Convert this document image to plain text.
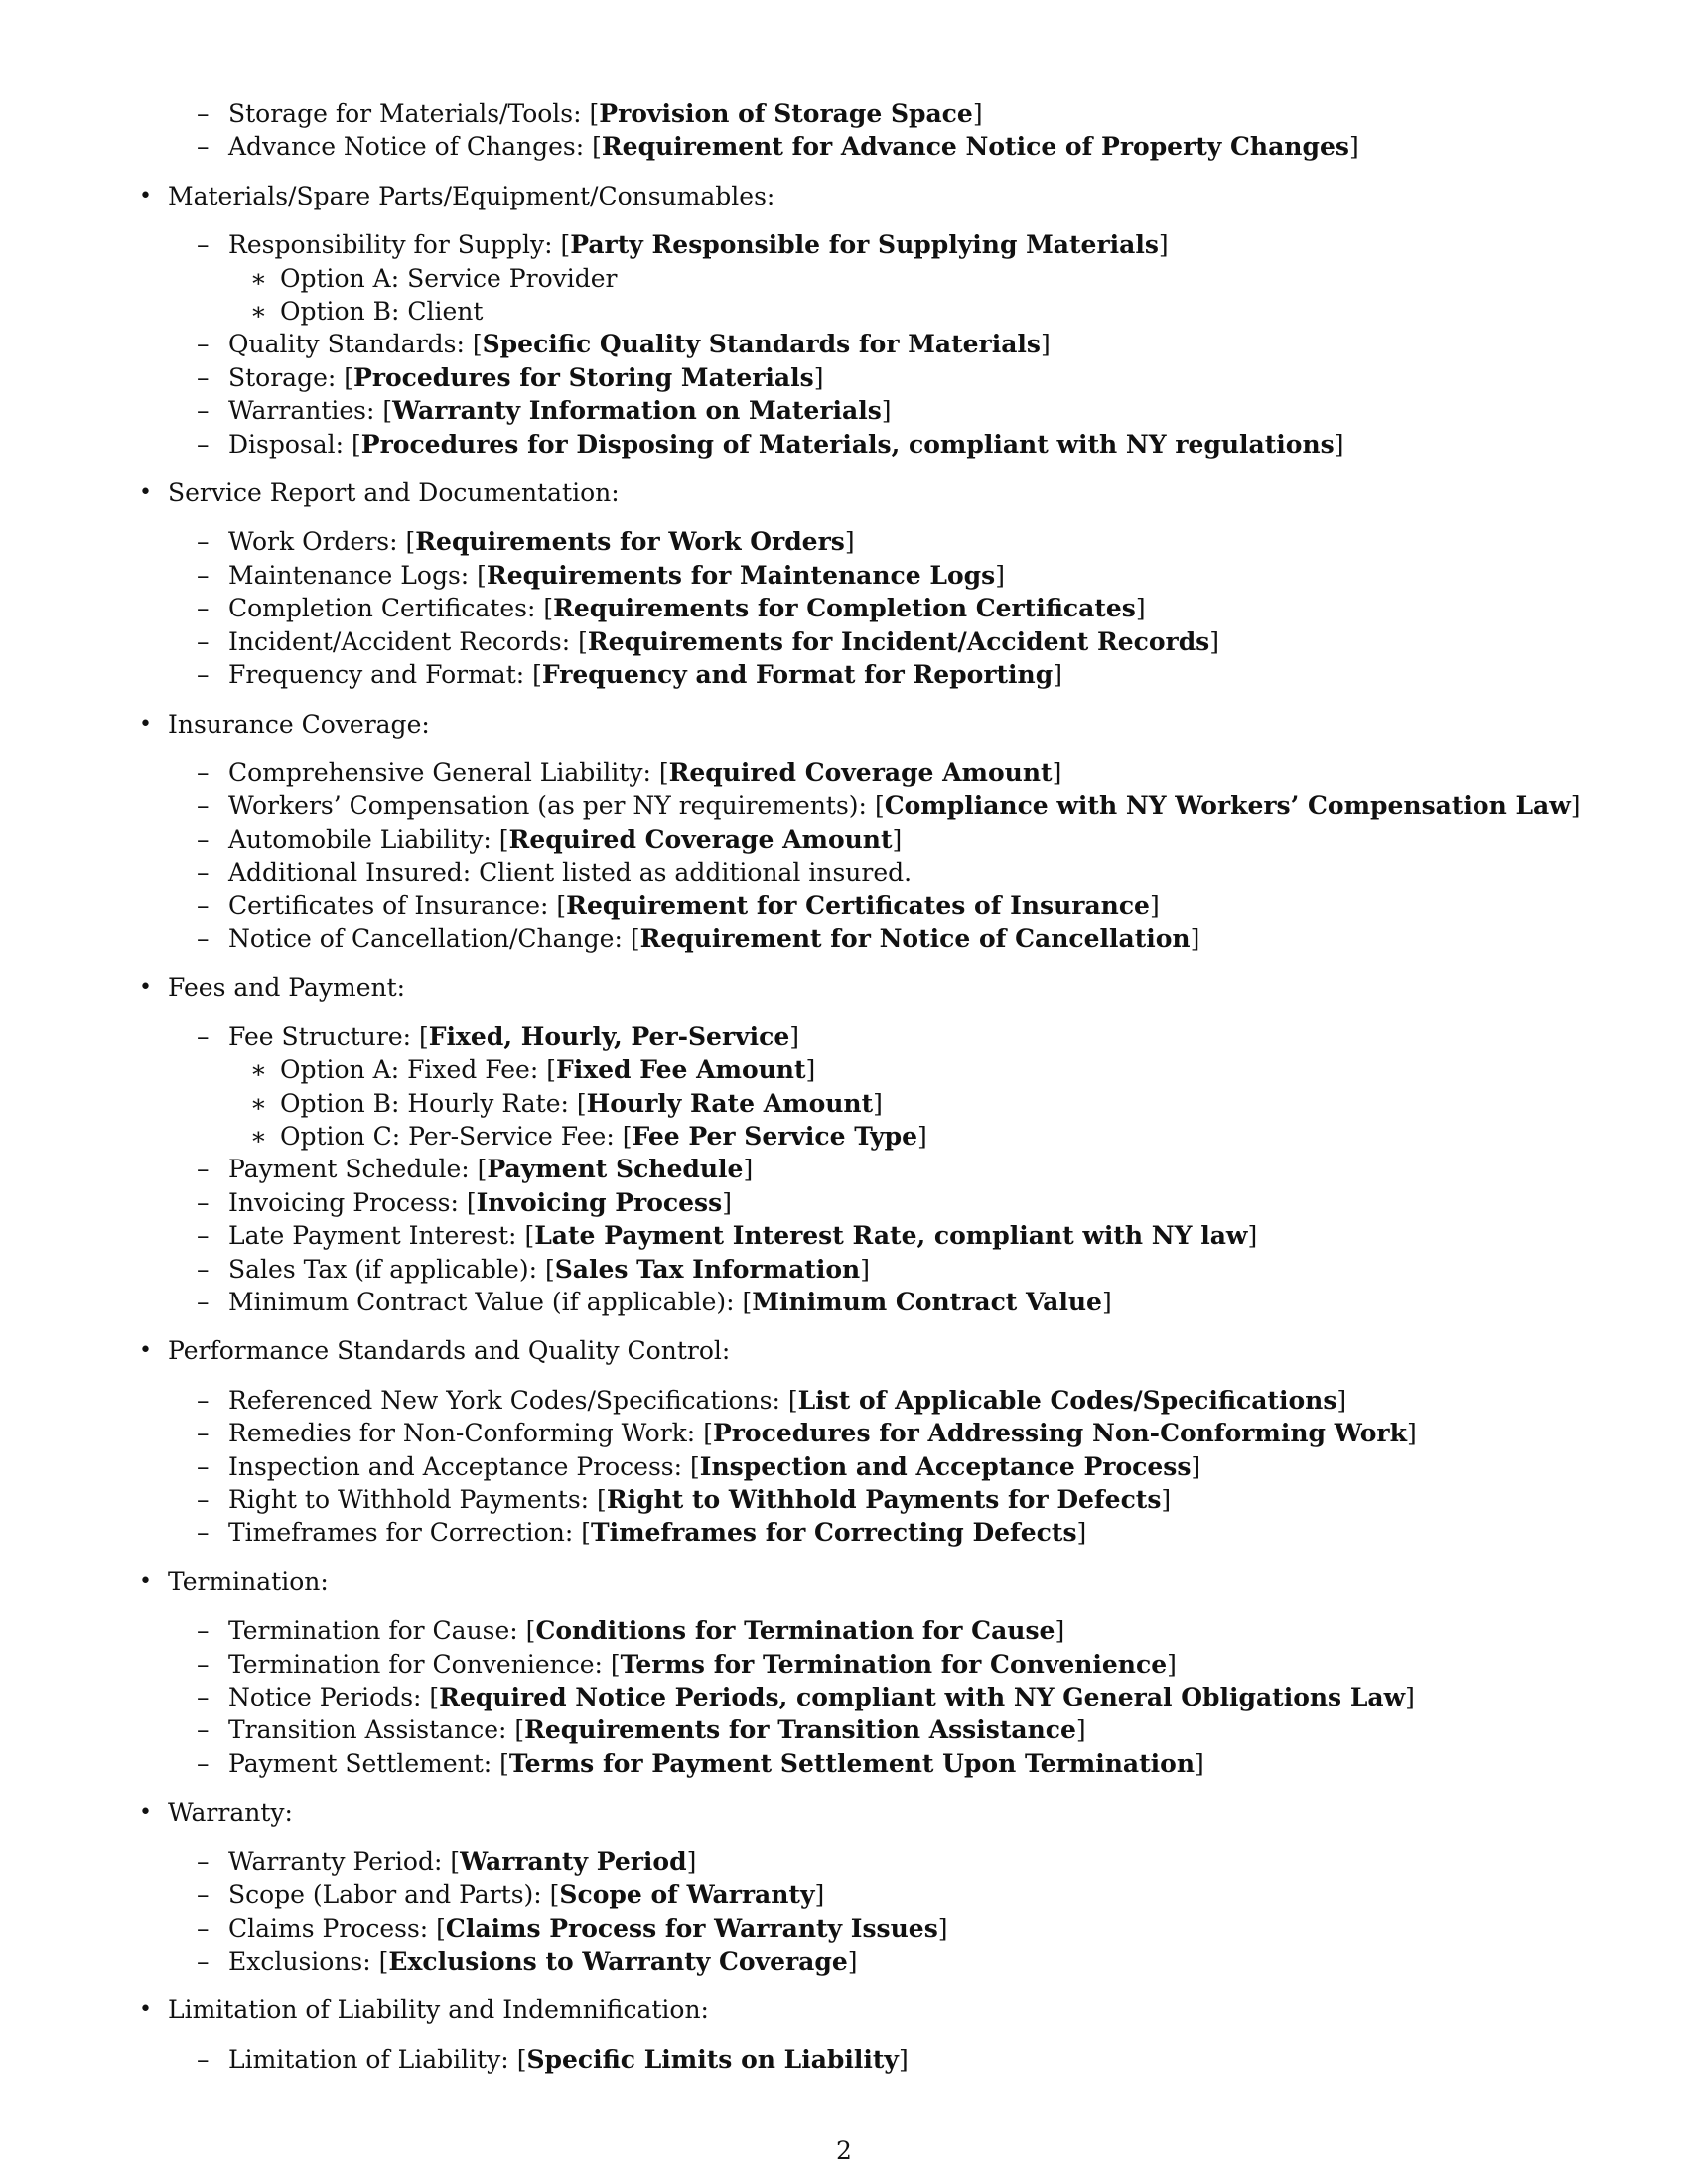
– Storage for Materials/Tools: [Provision of Storage Space]
– Advance Notice of Changes: [Requirement for Advance Notice of Property Changes]
• Materials/Spare Parts/Equipment/Consumables:
– Responsibility for Supply: [Party Responsible for Supplying Materials]
∗ Option A: Service Provider
∗ Option B: Client
– Quality Standards: [Specific Quality Standards for Materials]
– Storage: [Procedures for Storing Materials]
– Warranties: [Warranty Information on Materials]
– Disposal: [Procedures for Disposing of Materials, compliant with NY regulations]
• Service Report and Documentation:
– Work Orders: [Requirements for Work Orders]
– Maintenance Logs: [Requirements for Maintenance Logs]
– Completion Certificates: [Requirements for Completion Certificates]
– Incident/Accident Records: [Requirements for Incident/Accident Records]
– Frequency and Format: [Frequency and Format for Reporting]
• Insurance Coverage:
– Comprehensive General Liability: [Required Coverage Amount]
– Workers’ Compensation (as per NY requirements): [Compliance with NY Workers’ Compensation Law]
– Automobile Liability: [Required Coverage Amount]
– Additional Insured: Client listed as additional insured.
– Certificates of Insurance: [Requirement for Certificates of Insurance]
– Notice of Cancellation/Change: [Requirement for Notice of Cancellation]
• Fees and Payment:
– Fee Structure: [Fixed, Hourly, Per-Service]
∗ Option A: Fixed Fee: [Fixed Fee Amount]
∗ Option B: Hourly Rate: [Hourly Rate Amount]
∗ Option C: Per-Service Fee: [Fee Per Service Type]
– Payment Schedule: [Payment Schedule]
– Invoicing Process: [Invoicing Process]
– Late Payment Interest: [Late Payment Interest Rate, compliant with NY law]
– Sales Tax (if applicable): [Sales Tax Information]
– Minimum Contract Value (if applicable): [Minimum Contract Value]
• Performance Standards and Quality Control:
– Referenced New York Codes/Specifications: [List of Applicable Codes/Specifications]
– Remedies for Non-Conforming Work: [Procedures for Addressing Non-Conforming Work]
– Inspection and Acceptance Process: [Inspection and Acceptance Process]
– Right to Withhold Payments: [Right to Withhold Payments for Defects]
– Timeframes for Correction: [Timeframes for Correcting Defects]
• Termination:
– Termination for Cause: [Conditions for Termination for Cause]
– Termination for Convenience: [Terms for Termination for Convenience]
– Notice Periods: [Required Notice Periods, compliant with NY General Obligations Law]
– Transition Assistance: [Requirements for Transition Assistance]
– Payment Settlement: [Terms for Payment Settlement Upon Termination]
• Warranty:
– Warranty Period: [Warranty Period]
– Scope (Labor and Parts): [Scope of Warranty]
– Claims Process: [Claims Process for Warranty Issues]
– Exclusions: [Exclusions to Warranty Coverage]
• Limitation of Liability and Indemnification:
– Limitation of Liability: [Specific Limits on Liability]
2
